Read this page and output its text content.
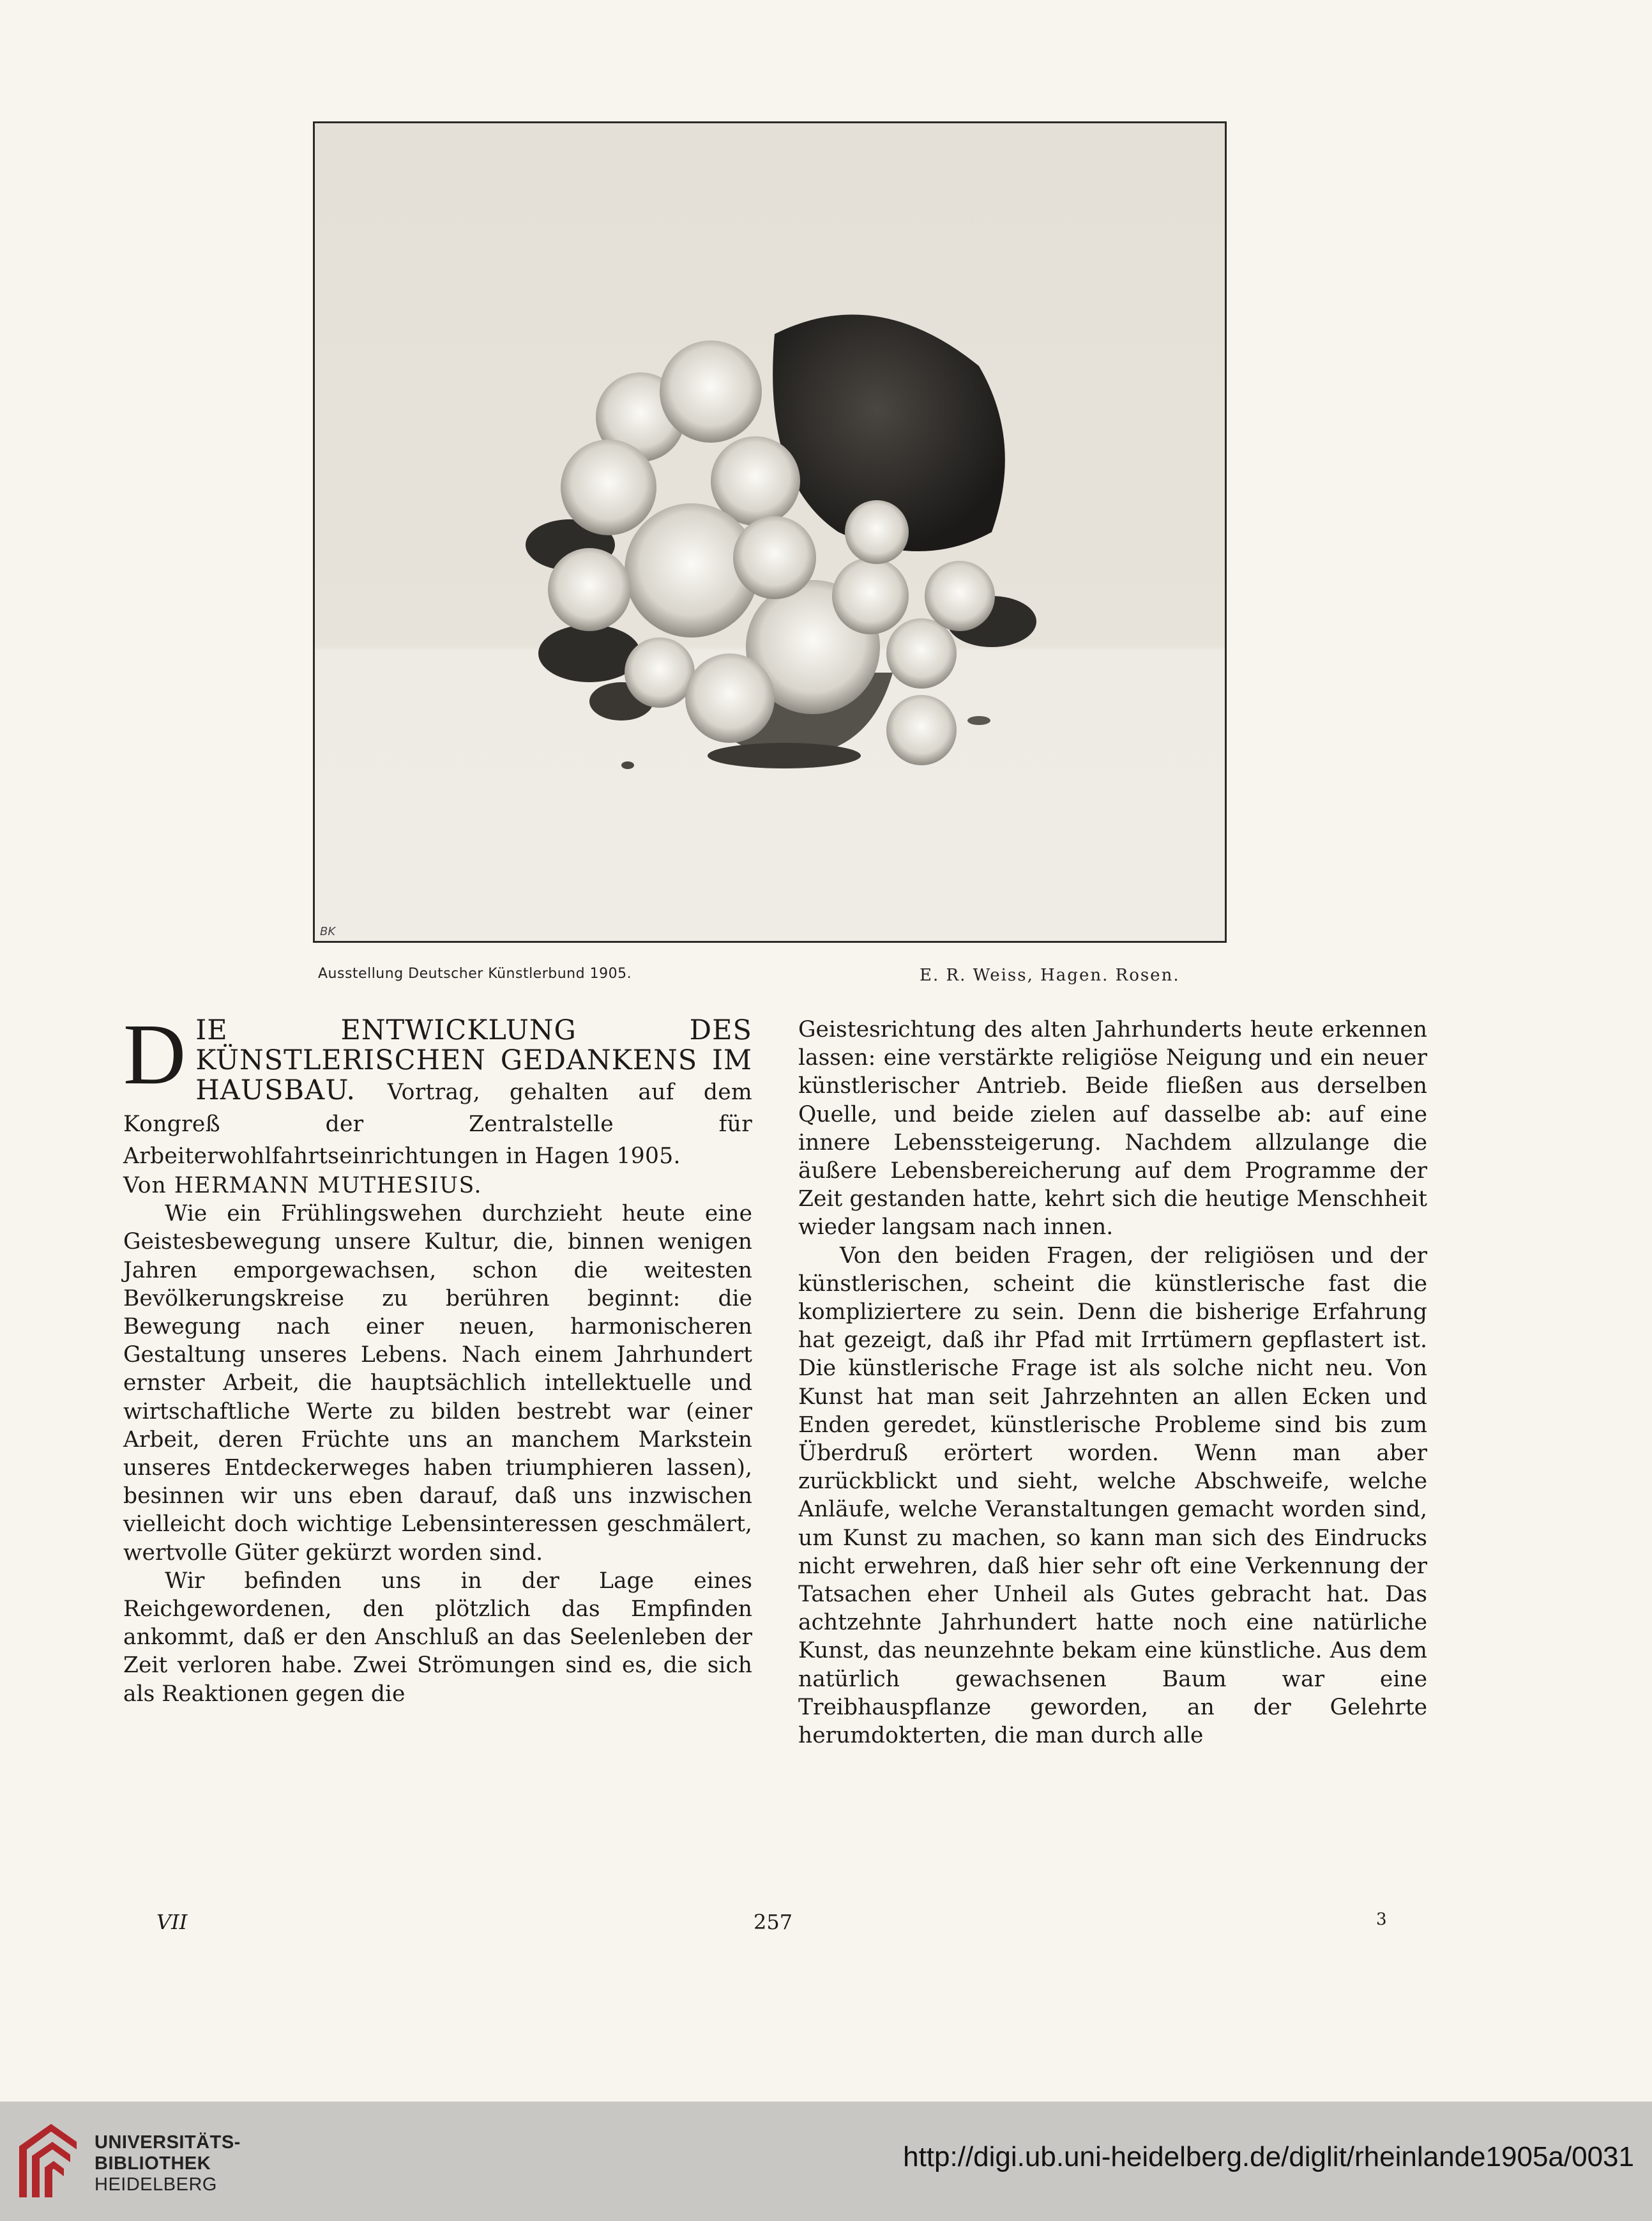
BK
Ausstellung Deutscher Künstlerbund 1905.	E. R. Weiss, Hagen. Rosen.

DIE ENTWICKLUNG DES KÜNSTLERISCHEN GEDANKENS IM HAUSBAU. Vortrag, gehalten auf dem Kongreß der Zentralstelle für Arbeiterwohlfahrtseinrichtungen in Hagen 1905.

Von HERMANN MUTHESIUS.

Wie ein Frühlingswehen durchzieht heute eine Geistesbewegung unsere Kultur, die, binnen wenigen Jahren emporgewachsen, schon die weitesten Bevölkerungskreise zu berühren beginnt: die Bewegung nach einer neuen, harmonischeren Gestaltung unseres Lebens. Nach einem Jahrhundert ernster Arbeit, die hauptsächlich intellektuelle und wirtschaftliche Werte zu bilden bestrebt war (einer Arbeit, deren Früchte uns an manchem Markstein unseres Entdeckerweges haben triumphieren lassen), besinnen wir uns eben darauf, daß uns inzwischen vielleicht doch wichtige Lebensinteressen geschmälert, wertvolle Güter gekürzt worden sind.

Wir befinden uns in der Lage eines Reichgewordenen, den plötzlich das Empfinden ankommt, daß er den Anschluß an das Seelenleben der Zeit verloren habe. Zwei Strömungen sind es, die sich als Reaktionen gegen die

Geistesrichtung des alten Jahrhunderts heute erkennen lassen: eine verstärkte religiöse Neigung und ein neuer künstlerischer Antrieb. Beide fließen aus derselben Quelle, und beide zielen auf dasselbe ab: auf eine innere Lebenssteigerung. Nachdem allzulange die äußere Lebensbereicherung auf dem Programme der Zeit gestanden hatte, kehrt sich die heutige Menschheit wieder langsam nach innen.

Von den beiden Fragen, der religiösen und der künstlerischen, scheint die künstlerische fast die kompliziertere zu sein. Denn die bisherige Erfahrung hat gezeigt, daß ihr Pfad mit Irrtümern gepflastert ist. Die künstlerische Frage ist als solche nicht neu. Von Kunst hat man seit Jahrzehnten an allen Ecken und Enden geredet, künstlerische Probleme sind bis zum Überdruß erörtert worden. Wenn man aber zurückblickt und sieht, welche Abschweife, welche Anläufe, welche Veranstaltungen gemacht worden sind, um Kunst zu machen, so kann man sich des Eindrucks nicht erwehren, daß hier sehr oft eine Verkennung der Tatsachen eher Unheil als Gutes gebracht hat. Das achtzehnte Jahrhundert hatte noch eine natürliche Kunst, das neunzehnte bekam eine künstliche. Aus dem natürlich gewachsenen Baum war eine Treibhauspflanze geworden, an der Gelehrte herumdokterten, die man durch alle

VII	257	3
UNIVERSITÄTS-
BIBLIOTHEK
HEIDELBERG
http://digi.ub.uni-heidelberg.de/diglit/rheinlande1905a/0031
